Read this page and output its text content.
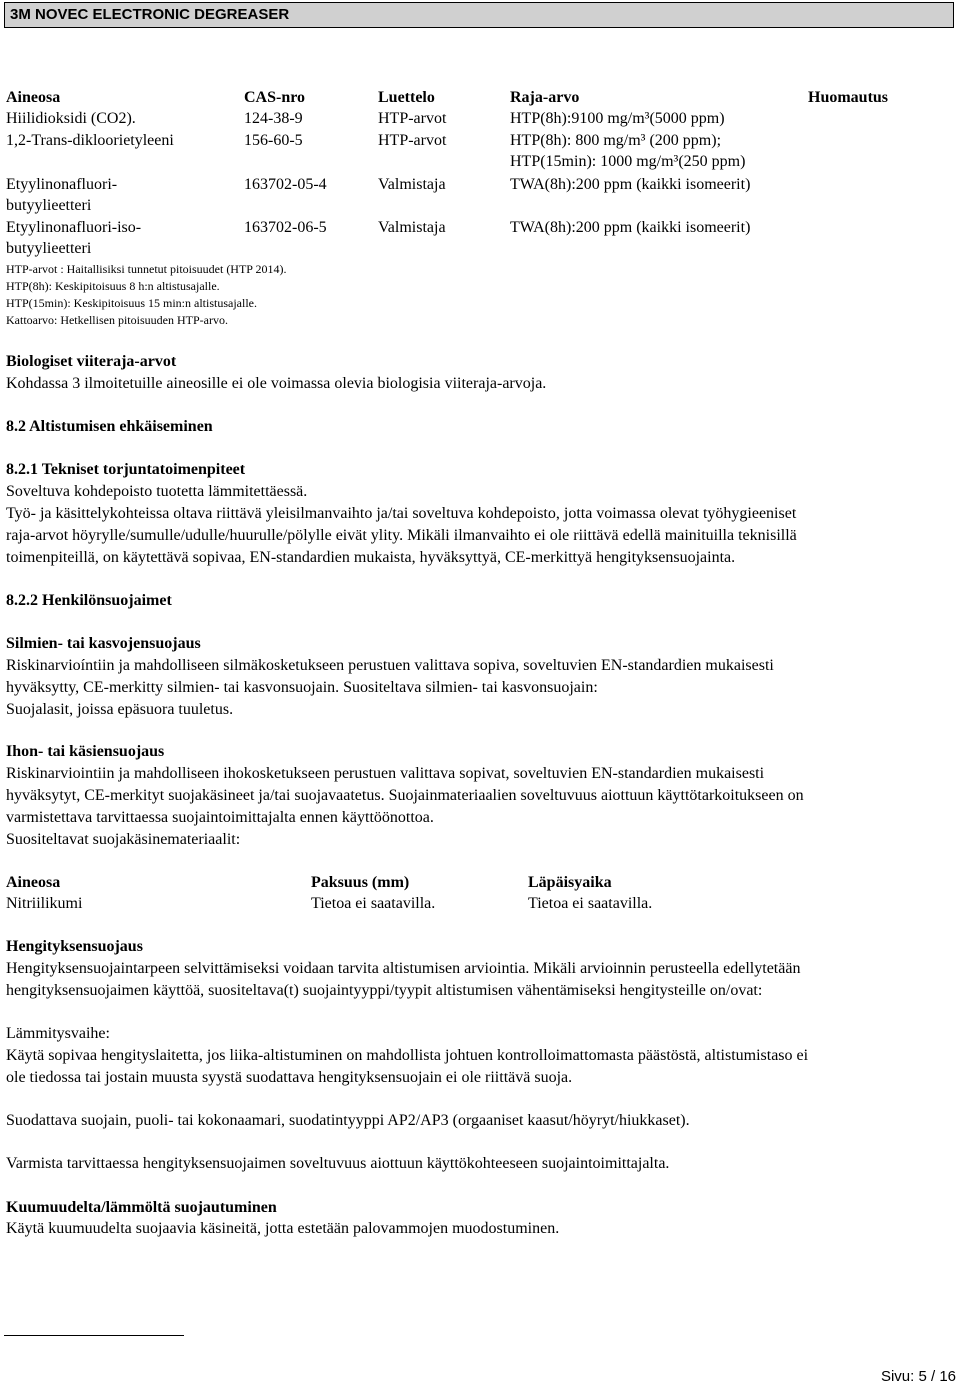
3M NOVEC ELECTRONIC DEGREASER
Aineosa	CAS-nro	Luettelo	Raja-arvo	Huomautus
Hiilidioksidi (CO2).	124-38-9	HTP-arvot	HTP(8h):9100 mg/m³(5000 ppm)
1,2-Trans-dikloorietyleeni	156-60-5	HTP-arvot	HTP(8h): 800 mg/m³ (200 ppm);
HTP(15min): 1000 mg/m³(250 ppm)
Etyylinonafluori-	163702-05-4	Valmistaja	TWA(8h):200 ppm (kaikki isomeerit)
butyylieetteri
Etyylinonafluori-iso-	163702-06-5	Valmistaja	TWA(8h):200 ppm (kaikki isomeerit)
butyylieetteri
HTP-arvot : Haitallisiksi tunnetut pitoisuudet (HTP 2014).
HTP(8h): Keskipitoisuus 8 h:n altistusajalle.
HTP(15min): Keskipitoisuus 15 min:n altistusajalle.
Kattoarvo: Hetkellisen pitoisuuden HTP-arvo.
Biologiset viiteraja-arvot
Kohdassa 3 ilmoitetuille aineosille ei ole voimassa olevia biologisia viiteraja-arvoja.
8.2 Altistumisen ehkäiseminen
8.2.1 Tekniset torjuntatoimenpiteet
Soveltuva kohdepoisto tuotetta lämmitettäessä.
Työ- ja käsittelykohteissa oltava riittävä yleisilmanvaihto ja/tai soveltuva kohdepoisto, jotta voimassa olevat työhygieeniset
raja-arvot höyrylle/sumulle/udulle/huurulle/pölylle eivät ylity. Mikäli ilmanvaihto ei ole riittävä edellä mainituilla teknisillä
toimenpiteillä, on käytettävä sopivaa, EN-standardien mukaista, hyväksyttyä, CE-merkittyä hengityksensuojainta.
8.2.2 Henkilönsuojaimet
Silmien- tai kasvojensuojaus
Riskinarvioíntiin ja mahdolliseen silmäkosketukseen perustuen valittava sopiva, soveltuvien EN-standardien mukaisesti
hyväksytty, CE-merkitty silmien- tai kasvonsuojain. Suositeltava silmien- tai kasvonsuojain:
Suojalasit, joissa epäsuora tuuletus.
Ihon- tai käsiensuojaus
Riskinarviointiin ja mahdolliseen ihokosketukseen perustuen valittava sopivat, soveltuvien EN-standardien mukaisesti
hyväksytyt, CE-merkityt suojakäsineet ja/tai suojavaatetus. Suojainmateriaalien soveltuvuus aiottuun käyttötarkoitukseen on
varmistettava tarvittaessa suojaintoimittajalta ennen käyttöönottoa.
Suositeltavat suojakäsinemateriaalit:
Aineosa	Paksuus (mm)	Läpäisyaika
Nitriilikumi	Tietoa ei saatavilla.	Tietoa ei saatavilla.
Hengityksensuojaus
Hengityksensuojaintarpeen selvittämiseksi voidaan tarvita altistumisen arviointia. Mikäli arvioinnin perusteella edellytetään
hengityksensuojaimen käyttöä, suositeltava(t) suojaintyyppi/tyypit altistumisen vähentämiseksi hengitysteille on/ovat:
Lämmitysvaihe:
Käytä sopivaa hengityslaitetta, jos liika-altistuminen on mahdollista johtuen kontrolloimattomasta päästöstä, altistumistaso ei
ole tiedossa tai jostain muusta syystä suodattava hengityksensuojain ei ole riittävä suoja.
Suodattava suojain, puoli- tai kokonaamari, suodatintyyppi AP2/AP3 (orgaaniset kaasut/höyryt/hiukkaset).
Varmista tarvittaessa hengityksensuojaimen soveltuvuus aiottuun käyttökohteeseen suojaintoimittajalta.
Kuumuudelta/lämmöltä suojautuminen
Käytä kuumuudelta suojaavia käsineitä, jotta estetään palovammojen muodostuminen.
Sivu: 5 / 16
